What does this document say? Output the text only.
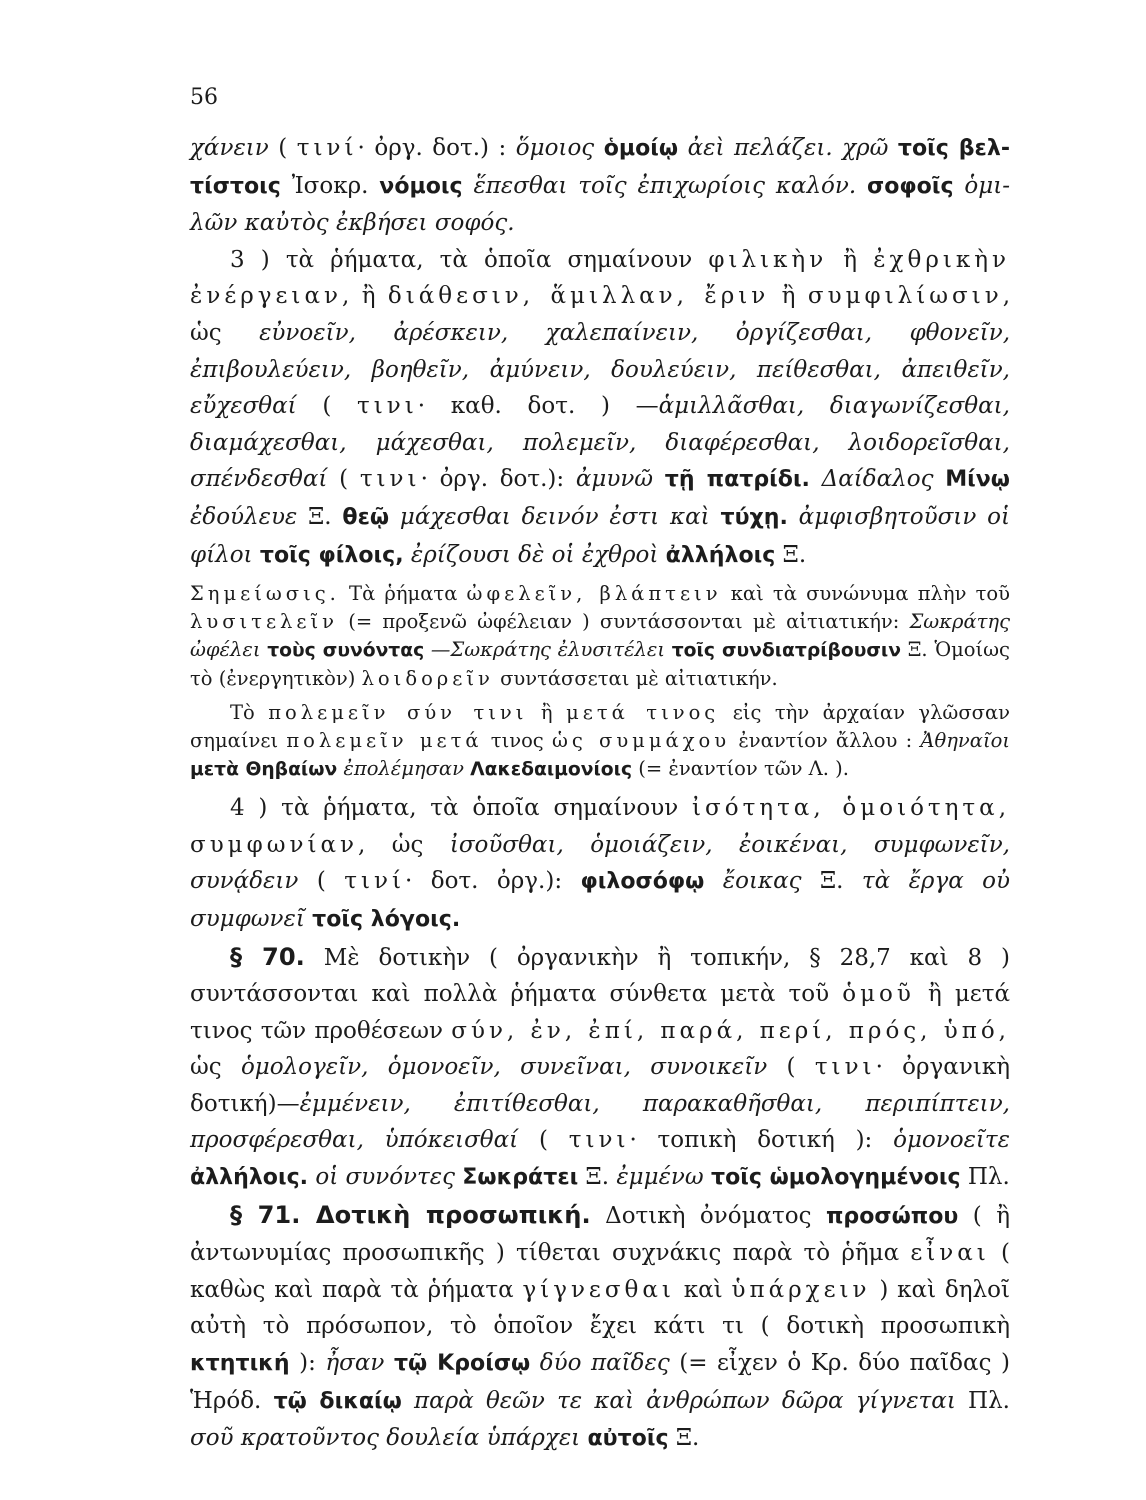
56

χάνειν ( τινί· ὀργ. δοτ.) : ὅμοιος ὁμοίῳ ἀεὶ πελάζει. χρῶ τοῖς βελτίστοις Ἰσοκρ. νόμοις ἕπεσθαι τοῖς ἐπιχωρίοις καλόν. σοφοῖς ὁμιλῶν καὐτὸς ἐκβήσει σοφός.

3 ) τὰ ῥήματα, τὰ ὁποῖα σημαίνουν φιλικὴν ἢ ἐχθρικὴν ἐνέργειαν, ἢ διάθεσιν, ἅμιλλαν, ἔριν ἢ συμφιλίωσιν, ὡς εὐνοεῖν, ἀρέσκειν, χαλεπαίνειν, ὀργίζεσθαι, φθονεῖν, ἐπιβουλεύειν, βοηθεῖν, ἀμύνειν, δουλεύειν, πείθεσθαι, ἀπειθεῖν, εὔχεσθαί ( τινι· καθ. δοτ. ) —ἁμιλλᾶσθαι, διαγωνίζεσθαι, διαμάχεσθαι, μάχεσθαι, πολεμεῖν, διαφέρεσθαι, λοιδορεῖσθαι, σπένδεσθαί ( τινι· ὀργ. δοτ.): ἀμυνῶ τῇ πατρίδι. Δαίδαλος Μίνῳ ἐδούλευε Ξ. θεῷ μάχεσθαι δεινόν ἐστι καὶ τύχῃ. ἀμφισβητοῦσιν οἱ φίλοι τοῖς φίλοις, ἐρίζουσι δὲ οἱ ἐχθροὶ ἀλλήλοις Ξ.

Σημείωσις. Τὰ ῥήματα ὠφελεῖν, βλάπτειν καὶ τὰ συνώνυμα πλὴν τοῦ λυσιτελεῖν (= προξενῶ ὠφέλειαν ) συντάσσονται μὲ αἰτιατικήν: Σωκράτης ὠφέλει τοὺς συνόντας —Σωκράτης ἐλυσιτέλει τοῖς συνδιατρίβουσιν Ξ. Ὁμοίως τὸ (ἐνεργητικὸν) λοιδορεῖν συντάσσεται μὲ αἰτιατικήν.

Τὸ πολεμεῖν σύν τινι ἢ μετά τινος εἰς τὴν ἀρχαίαν γλῶσσαν σημαίνει πολεμεῖν μετά τινος ὡς συμμάχου ἐναντίον ἄλλου : Ἀθηναῖοι μετὰ Θηβαίων ἐπολέμησαν Λακεδαιμονίοις (= ἐναντίον τῶν Λ. ).

4 ) τὰ ῥήματα, τὰ ὁποῖα σημαίνουν ἰσότητα, ὁμοιότητα, συμφωνίαν, ὡς ἰσοῦσθαι, ὁμοιάζειν, ἐοικέναι, συμφωνεῖν, συνᾴδειν ( τινί· δοτ. ὀργ.): φιλοσόφῳ ἔοικας Ξ. τὰ ἔργα οὐ συμφωνεῖ τοῖς λόγοις.

§ 70. Μὲ δοτικὴν ( ὀργανικὴν ἢ τοπικήν, § 28,7 καὶ 8 ) συντάσσονται καὶ πολλὰ ῥήματα σύνθετα μετὰ τοῦ ὁμοῦ ἢ μετά τινος τῶν προθέσεων σύν, ἐν, ἐπί, παρά, περί, πρός, ὑπό, ὡς ὁμολογεῖν, ὁμονοεῖν, συνεῖναι, συνοικεῖν ( τινι· ὀργανικὴ δοτική)—ἐμμένειν, ἐπιτίθεσθαι, παρακαθῆσθαι, περιπίπτειν, προσφέρεσθαι, ὑπόκεισθαί ( τινι· τοπικὴ δοτική ): ὁμονοεῖτε ἀλλήλοις. οἱ συνόντες Σωκράτει Ξ. ἐμμένω τοῖς ὡμολογημένοις Πλ.

§ 71. Δοτικὴ προσωπική. Δοτικὴ ὀνόματος προσώπου ( ἢ ἀντωνυμίας προσωπικῆς ) τίθεται συχνάκις παρὰ τὸ ῥῆμα εἶναι ( καθὼς καὶ παρὰ τὰ ῥήματα γίγνεσθαι καὶ ὑπάρχειν ) καὶ δηλοῖ αὐτὴ τὸ πρόσωπον, τὸ ὁποῖον ἔχει κάτι τι ( δοτικὴ προσωπικὴ κτητική ): ἦσαν τῷ Κροίσῳ δύο παῖδες (= εἶχεν ὁ Κρ. δύο παῖδας ) Ἡρόδ. τῷ δικαίῳ παρὰ θεῶν τε καὶ ἀνθρώπων δῶρα γίγνεται Πλ. σοῦ κρατοῦντος δουλεία ὑπάρχει αὐτοῖς Ξ.
